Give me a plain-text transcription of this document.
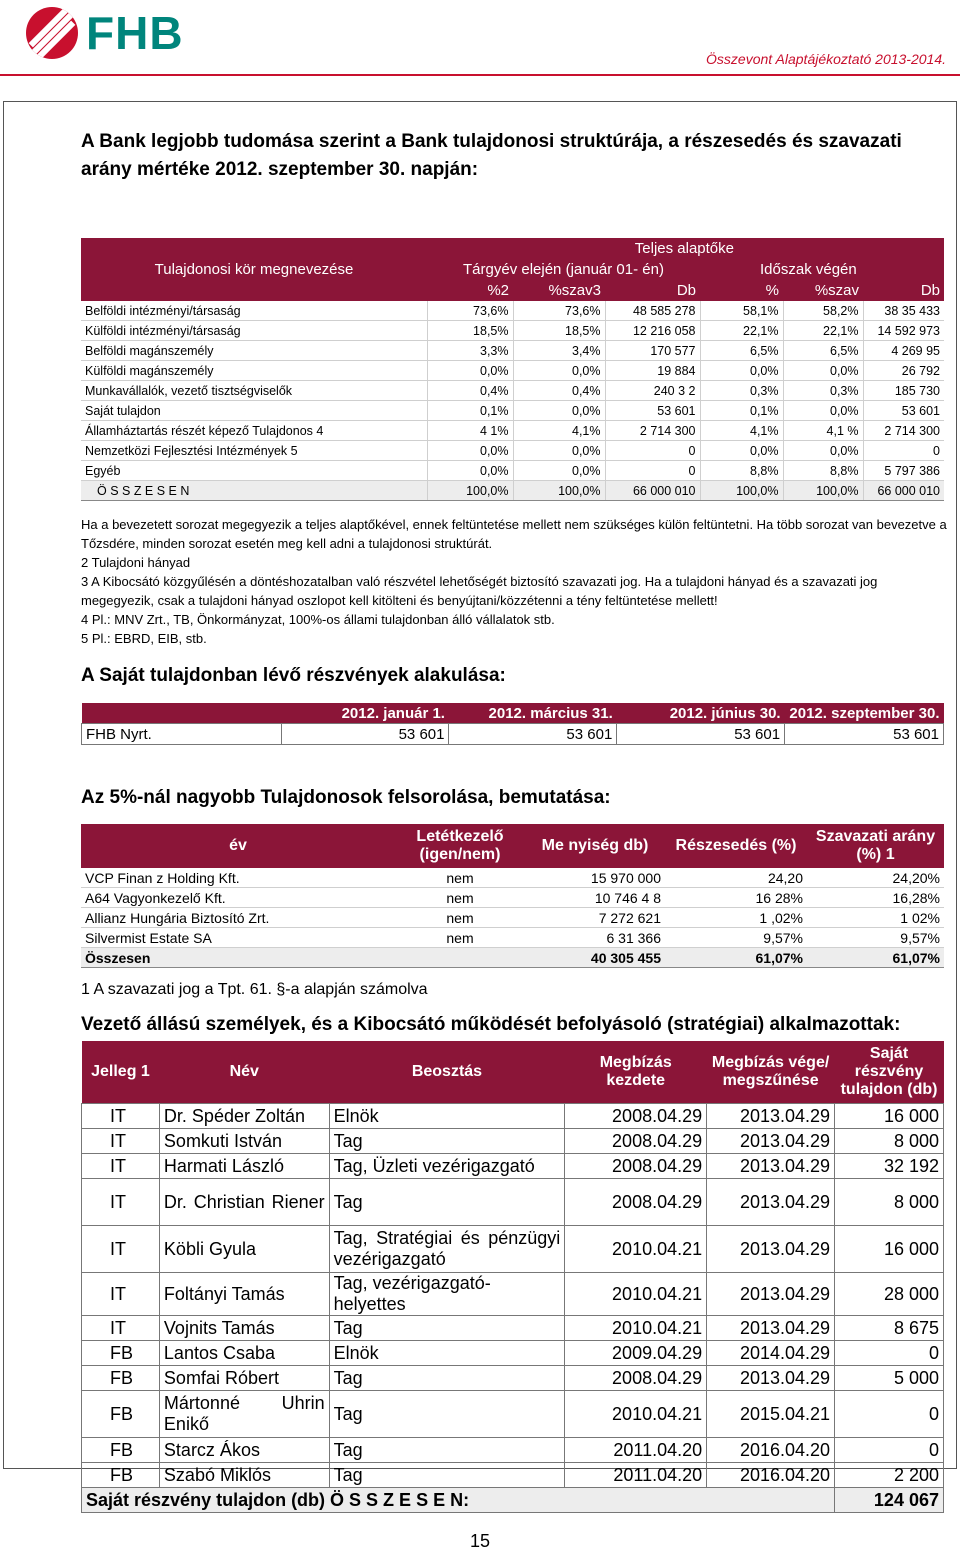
FHB	Összevont Alaptájékoztató 2013-2014.
A Bank legjobb tudomása szerint a Bank tulajdonosi struktúrája, a részesedés és szavazati arány mértéke 2012. szeptember 30. napján:
Tulajdonosi kör megnevezése	Teljes alaptőke					
	Tárgyév elején (január 01- én)			Időszak végén		
	%2	%szav3	Db	%	%szav	Db
Belföldi intézményi/társaság	73,6%	73,6%	48 585 278	58,1%	58,2%	38 35 433
Külföldi intézményi/társaság	18,5%	18,5%	12 216 058	22,1%	22,1%	14 592 973
Belföldi magánszemély	3,3%	3,4%	170 577	6,5%	6,5%	4 269 95
Külföldi magánszemély	0,0%	0,0%	19 884	0,0%	0,0%	26 792
Munkavállalók, vezető tisztségviselők	0,4%	0,4%	240 3 2	0,3%	0,3%	185 730
Saját tulajdon	0,1%	0,0%	53 601	0,1%	0,0%	53 601
Államháztartás részét képező Tulajdonos 4	4 1%	4,1%	2 714 300	4,1%	4,1 %	2 714 300
Nemzetközi Fejlesztési Intézmények 5	0,0%	0,0%	0	0,0%	0,0%	0
Egyéb	0,0%	0,0%	0	8,8%	8,8%	5 797 386
Ö S S Z E S E N	100,0%	100,0%	66 000 010	100,0%	100,0%	66 000 010
Ha a bevezetett sorozat megegyezik a teljes alaptőkével, ennek feltüntetése mellett nem szükséges külön feltüntetni. Ha több sorozat van bevezetve a Tőzsdére, minden sorozat esetén meg kell adni a tulajdonosi struktúrát.
2 Tulajdoni hányad
3 A Kibocsátó közgyűlésén a döntéshozatalban való részvétel lehetőségét biztosító szavazati jog. Ha a tulajdoni hányad és a szavazati jog megegyezik, csak a tulajdoni hányad oszlopot kell kitölteni és benyújtani/közzétenni a tény feltüntetése mellett!
4 Pl.: MNV Zrt., TB, Önkormányzat, 100%-os állami tulajdonban álló vállalatok stb.
5 Pl.: EBRD, EIB, stb.
A Saját tulajdonban lévő részvények alakulása:
	2012. január 1.	2012. március 31.	2012. június 30.	2012. szeptember 30.
FHB Nyrt.	53 601	53 601	53 601	53 601
Az 5%-nál nagyobb Tulajdonosok felsorolása, bemutatása:
év	Letétkezelő (igen/nem)	Me nyiség db)	Részesedés (%)	Szavazati arány (%) 1
VCP Finan z Holding Kft.	nem	15 970 000	24,20	24,20%
A64 Vagyonkezelő Kft.	nem	10 746 4 8	16 28%	16,28%
Allianz Hungária Biztosító Zrt.	nem	7 272 621	1 ,02%	1 02%
Silvermist Estate SA	nem	6 31 366	9,57%	9,57%
Összesen		40 305 455	61,07%	61,07%
1 A szavazati jog a Tpt. 61. §-a alapján számolva
Vezető állású személyek, és a Kibocsátó működését befolyásoló (stratégiai) alkalmazottak:
Jelleg 1	Név	Beosztás	Megbízás kezdete	Megbízás vége/ megszűnése	Saját részvény tulajdon (db)
IT	Dr. Spéder Zoltán	Elnök	2008.04.29	2013.04.29	16 000
IT	Somkuti István	Tag	2008.04.29	2013.04.29	8 000
IT	Harmati László	Tag, Üzleti vezérigazgató	2008.04.29	2013.04.29	32 192
IT	Dr. Christian Riener	Tag	2008.04.29	2013.04.29	8 000
IT	Köbli Gyula	Tag, Stratégiai és pénzügyi vezérigazgató	2010.04.21	2013.04.29	16 000
IT	Foltányi Tamás	Tag, vezérigazgató-helyettes	2010.04.21	2013.04.29	28 000
IT	Vojnits Tamás	Tag	2010.04.21	2013.04.29	8 675
FB	Lantos Csaba	Elnök	2009.04.29	2014.04.29	0
FB	Somfai Róbert	Tag	2008.04.29	2013.04.29	5 000
FB	Mártonné Uhrin Enikő	Tag	2010.04.21	2015.04.21	0
FB	Starcz Ákos	Tag	2011.04.20	2016.04.20	0
FB	Szabó Miklós	Tag	2011.04.20	2016.04.20	2 200
Saját részvény tulajdon (db) Ö S S Z E S E N:					124 067
15
